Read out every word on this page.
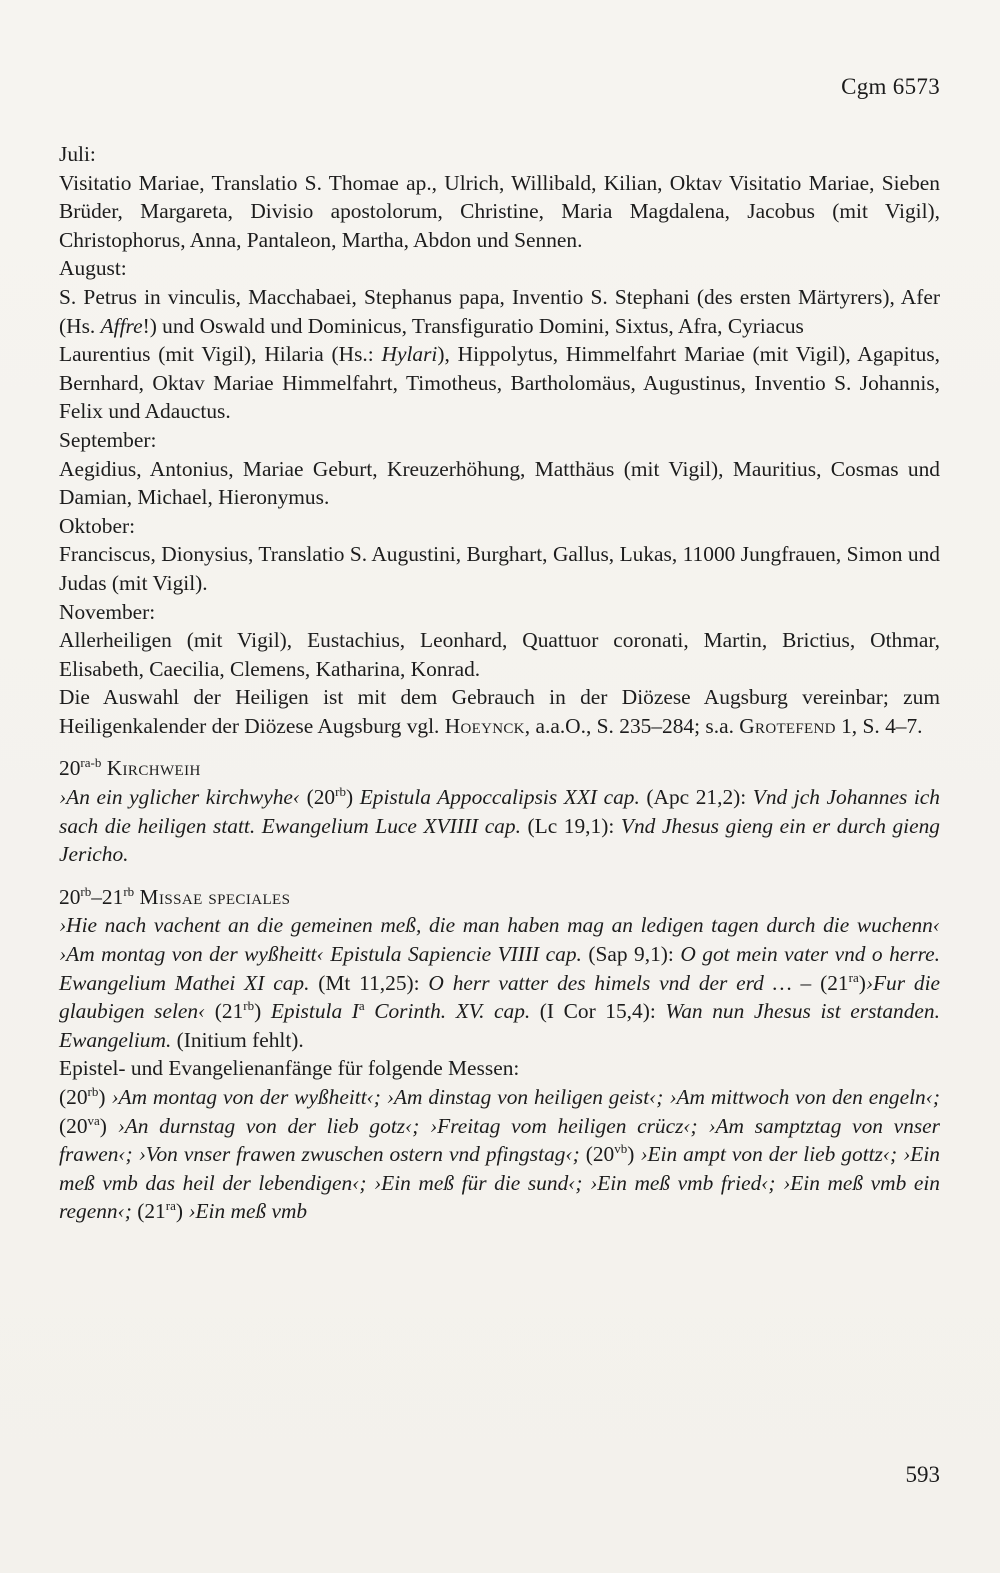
Cgm 6573

Juli:

Visitatio Mariae, Translatio S. Thomae ap., Ulrich, Willibald, Kilian, Oktav Visitatio Mariae, Sieben Brüder, Margareta, Divisio apostolorum, Christine, Maria Magdalena, Jacobus (mit Vigil), Christophorus, Anna, Pantaleon, Martha, Abdon und Sennen.

August:

S. Petrus in vinculis, Macchabaei, Stephanus papa, Inventio S. Stephani (des ersten Märtyrers), Afer (Hs. Affre!) und Oswald und Dominicus, Transfiguratio Domini, Sixtus, Afra, Cyriacus

Laurentius (mit Vigil), Hilaria (Hs.: Hylari), Hippolytus, Himmelfahrt Mariae (mit Vigil), Agapitus, Bernhard, Oktav Mariae Himmelfahrt, Timotheus, Bartholomäus, Augustinus, Inventio S. Johannis, Felix und Adauctus.

September:

Aegidius, Antonius, Mariae Geburt, Kreuzerhöhung, Matthäus (mit Vigil), Mauritius, Cosmas und Damian, Michael, Hieronymus.

Oktober:

Franciscus, Dionysius, Translatio S. Augustini, Burghart, Gallus, Lukas, 11000 Jungfrauen, Simon und Judas (mit Vigil).

November:

Allerheiligen (mit Vigil), Eustachius, Leonhard, Quattuor coronati, Martin, Brictius, Othmar, Elisabeth, Caecilia, Clemens, Katharina, Konrad.

Die Auswahl der Heiligen ist mit dem Gebrauch in der Diözese Augsburg vereinbar; zum Heiligenkalender der Diözese Augsburg vgl. Hoeynck, a.a.O., S. 235–284; s.a. Grotefend 1, S. 4–7.

$20^{ra-b}$ Kirchweih

›An ein yglicher kirchwyhe‹ $(20^{rb})$ Epistula Appoccalipsis XXI cap. (Apc 21,2): Vnd jch Johannes ich sach die heiligen statt. Ewangelium Luce XVIIII cap. (Lc 19,1): Vnd Jhesus gieng ein er durch gieng Jericho.

$20^{rb}-21^{rb}$ Missae speciales

›Hie nach vachent an die gemeinen meß, die man haben mag an ledigen tagen durch die wuchenn‹ ›Am montag von der wyßheitt‹ Epistula Sapiencie VIIII cap. (Sap 9,1): O got mein vater vnd o herre. Ewangelium Mathei XI cap. (Mt 11,25): O herr vatter des himels vnd der erd … – $(21^{ra})›Fur$ die glaubigen selen‹ $(21^{rb})$ Epistula $I^a$ Corinth. XV. cap. (I Cor 15,4): Wan nun Jhesus ist erstanden. Ewangelium. (Initium fehlt).

Epistel- und Evangelienanfänge für folgende Messen:

$(20^{rb})$ ›Am montag von der wyßheitt‹; ›Am dinstag von heiligen geist‹; ›Am mittwoch von den engeln‹; $(20^{va})$ ›An durnstag von der lieb gotz‹; ›Freitag vom heiligen crücz‹; ›Am samptztag von vnser frawen‹; ›Von vnser frawen zwuschen ostern vnd pfingstag‹; $(20^{vb})$ ›Ein ampt von der lieb gottz‹; ›Ein meß vmb das heil der lebendigen‹; ›Ein meß für die sund‹; ›Ein meß vmb fried‹; ›Ein meß vmb ein regenn‹; $(21^{ra})$ ›Ein meß vmb

593
